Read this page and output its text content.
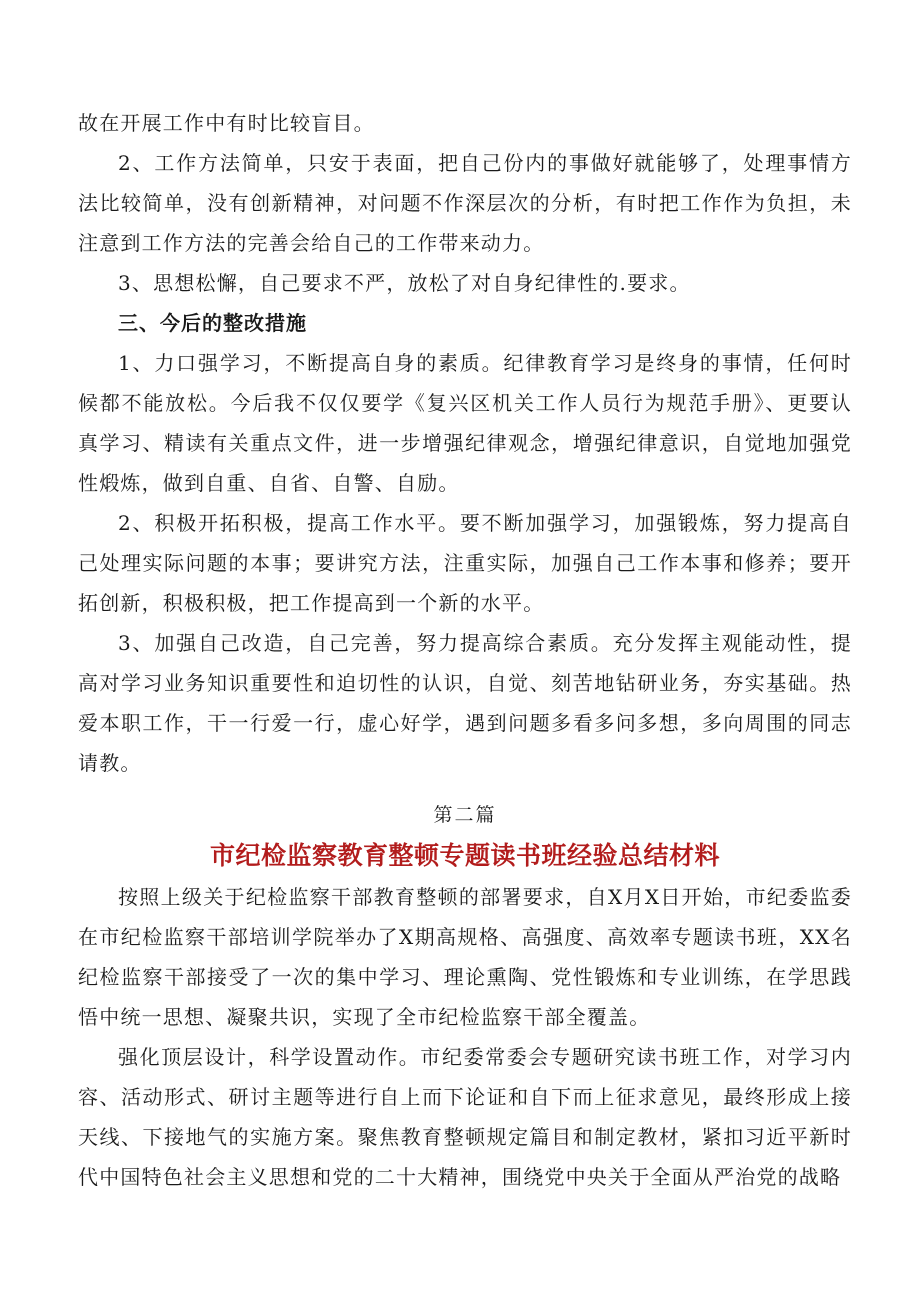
故在开展工作中有时比较盲目。

2、工作方法简单，只安于表面，把自己份内的事做好就能够了，处理事情方法比较简单，没有创新精神，对问题不作深层次的分析，有时把工作作为负担，未注意到工作方法的完善会给自己的工作带来动力。

3、思想松懈，自己要求不严，放松了对自身纪律性的.要求。

三、今后的整改措施

1、力口强学习，不断提高自身的素质。纪律教育学习是终身的事情，任何时候都不能放松。今后我不仅仅要学《复兴区机关工作人员行为规范手册》、更要认真学习、精读有关重点文件，进一步增强纪律观念，增强纪律意识，自觉地加强党性煅炼，做到自重、自省、自警、自励。

2、积极开拓积极，提高工作水平。要不断加强学习，加强锻炼，努力提高自己处理实际问题的本事；要讲究方法，注重实际，加强自己工作本事和修养；要开拓创新，积极积极，把工作提高到一个新的水平。

3、加强自己改造，自己完善，努力提高综合素质。充分发挥主观能动性，提高对学习业务知识重要性和迫切性的认识，自觉、刻苦地钻研业务，夯实基础。热爱本职工作，干一行爱一行，虚心好学，遇到问题多看多问多想，多向周围的同志请教。

第二篇

市纪检监察教育整顿专题读书班经验总结材料

按照上级关于纪检监察干部教育整顿的部署要求，自X月X日开始，市纪委监委在市纪检监察干部培训学院举办了X期高规格、高强度、高效率专题读书班，XX名纪检监察干部接受了一次的集中学习、理论熏陶、党性锻炼和专业训练，在学思践悟中统一思想、凝聚共识，实现了全市纪检监察干部全覆盖。

强化顶层设计，科学设置动作。市纪委常委会专题研究读书班工作，对学习内容、活动形式、研讨主题等进行自上而下论证和自下而上征求意见，最终形成上接天线、下接地气的实施方案。聚焦教育整顿规定篇目和制定教材，紧扣习近平新时代中国特色社会主义思想和党的二十大精神，围绕党中央关于全面从严治党的战略
